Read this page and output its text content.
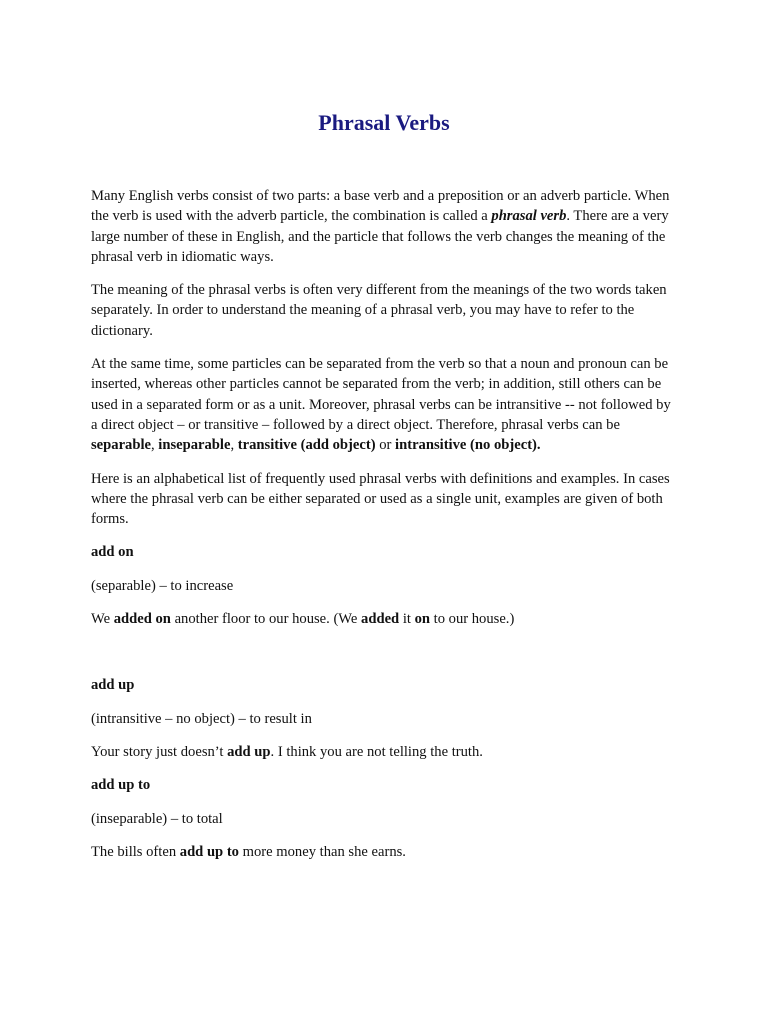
Phrasal Verbs

Many English verbs consist of two parts: a base verb and a preposition or an adverb particle. When the verb is used with the adverb particle, the combination is called a phrasal verb. There are a very large number of these in English, and the particle that follows the verb changes the meaning of the phrasal verb in idiomatic ways.

The meaning of the phrasal verbs is often very different from the meanings of the two words taken separately. In order to understand the meaning of a phrasal verb, you may have to refer to the dictionary.

At the same time, some particles can be separated from the verb so that a noun and pronoun can be inserted, whereas other particles cannot be separated from the verb; in addition, still others can be used in a separated form or as a unit. Moreover, phrasal verbs can be intransitive -- not followed by a direct object – or transitive – followed by a direct object. Therefore, phrasal verbs can be separable, inseparable, transitive (add object) or intransitive (no object).

Here is an alphabetical list of frequently used phrasal verbs with definitions and examples. In cases where the phrasal verb can be either separated or used as a single unit, examples are given of both forms.

add on

(separable) – to increase

We added on another floor to our house. (We added it on to our house.)

add up

(intransitive – no object) – to result in

Your story just doesn’t add up. I think you are not telling the truth.

add up to

(inseparable) – to total

The bills often add up to more money than she earns.
